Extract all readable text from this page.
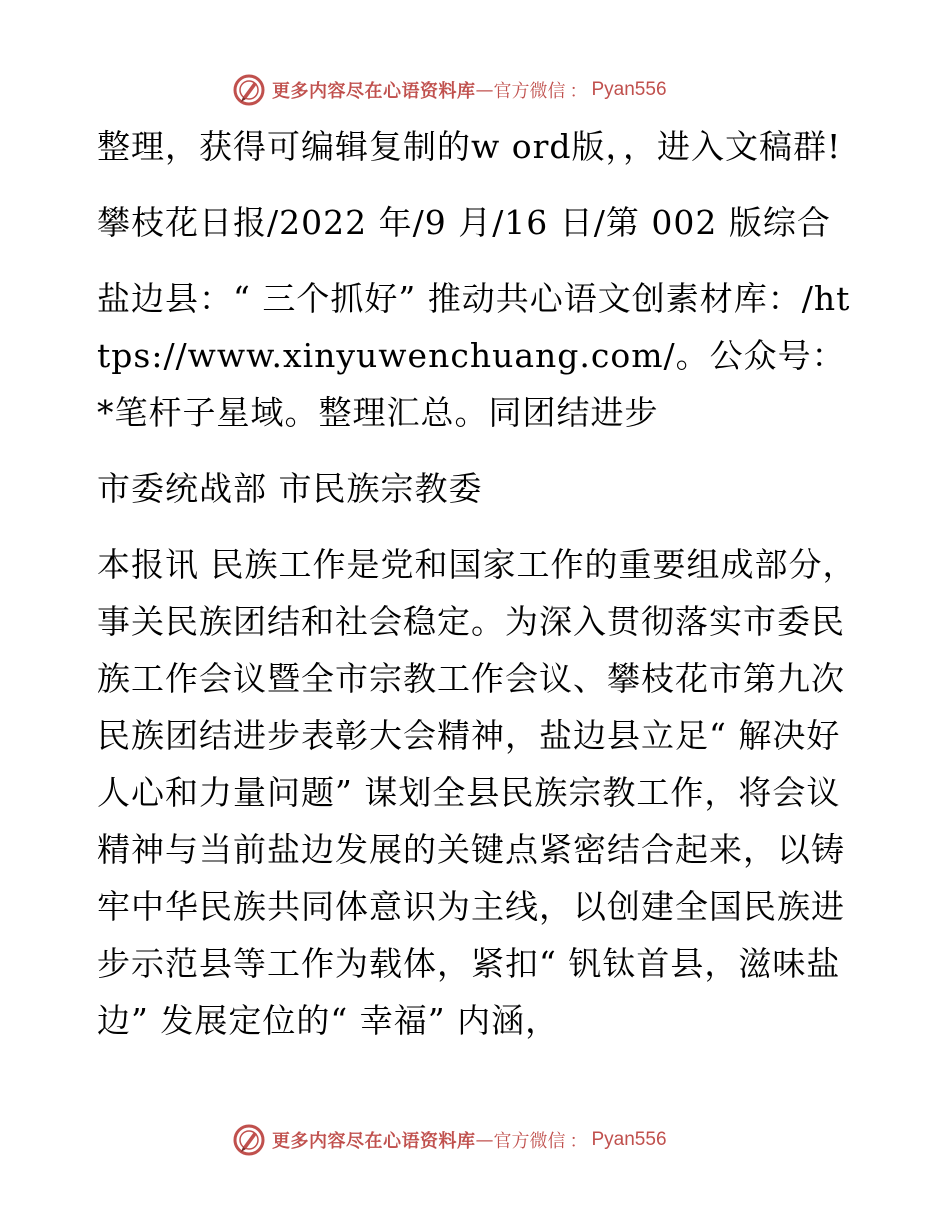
更多内容尽在心语资料库 — 官方微信 ： Pyan556

整理，获得可编辑复制的w ord版，，进入文稿群!

攀枝花日报/2022 年/9 月/16 日/第 002 版综合

盐边县：“ 三个抓好” 推动共心语文创素材库：/https://www.xinyuwenchuang.com/。公众号：*笔杆子星域。整理汇总。同团结进步

市委统战部 市民族宗教委

本报讯 民族工作是党和国家工作的重要组成部分，事关民族团结和社会稳定。为深入贯彻落实市委民族工作会议暨全市宗教工作会议、攀枝花市第九次民族团结进步表彰大会精神，盐边县立足“ 解决好人心和力量问题” 谋划全县民族宗教工作，将会议精神与当前盐边发展的关键点紧密结合起来，以铸牢中华民族共同体意识为主线，以创建全国民族进步示范县等工作为载体，紧扣“ 钒钛首县，滋味盐边” 发展定位的“ 幸福” 内涵，

更多内容尽在心语资料库 — 官方微信 ： Pyan556
